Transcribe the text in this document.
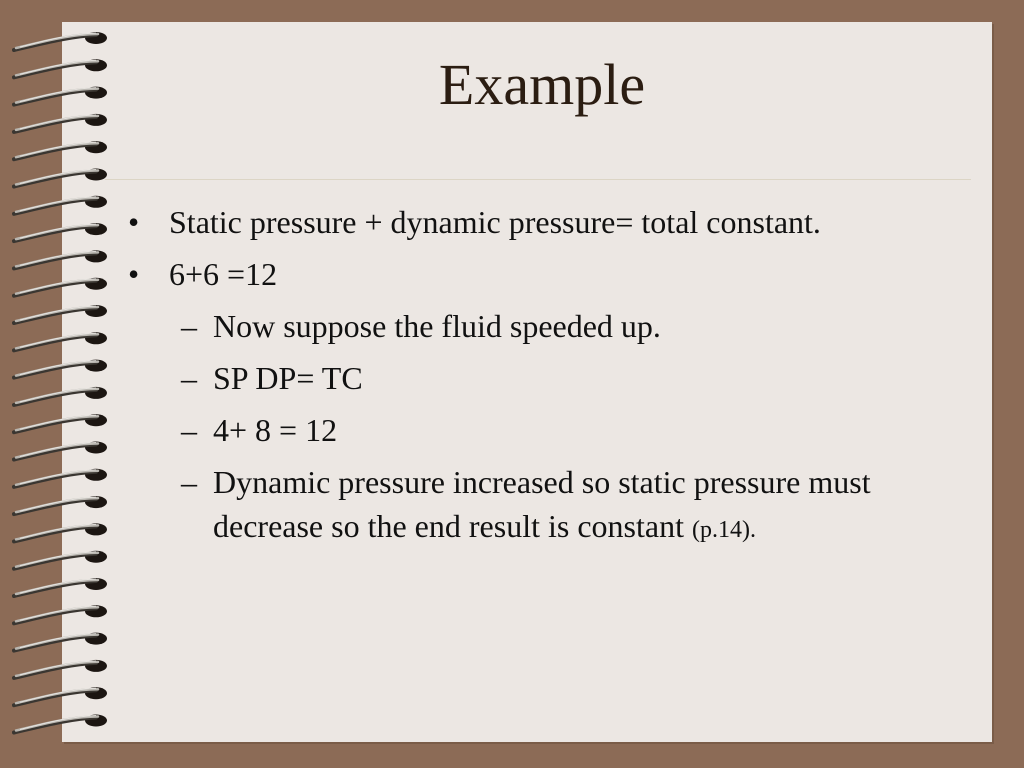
Example
• Static pressure + dynamic pressure= total constant.
• 6+6 =12
– Now suppose the fluid speeded up.
– SP DP= TC
– 4+ 8 = 12
– Dynamic pressure increased so static pressure must decrease so the end result is constant (p.14).
